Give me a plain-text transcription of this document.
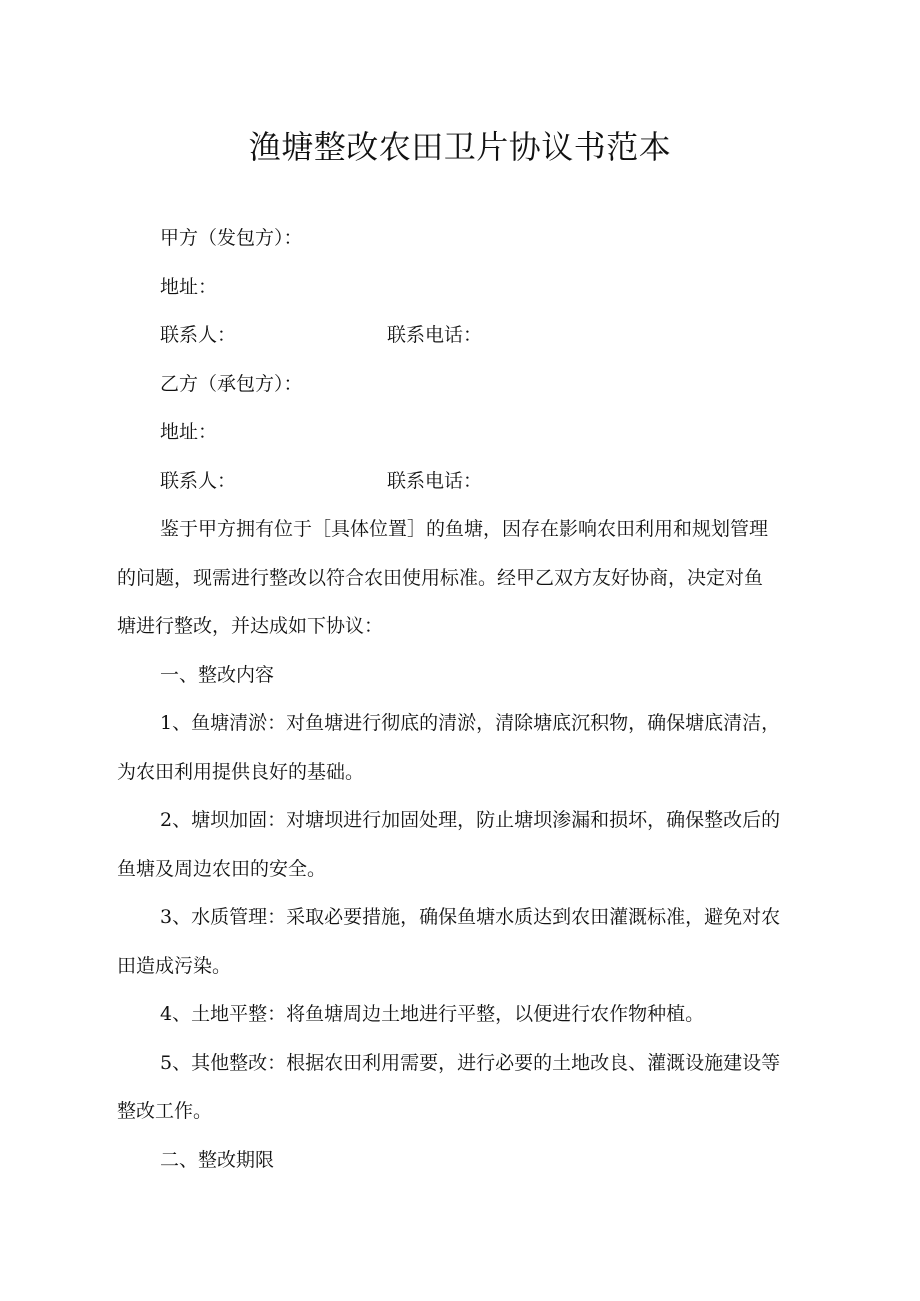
渔塘整改农田卫片协议书范本
甲方（发包方）：
地址：
联系人：	联系电话：
乙方（承包方）：
地址：
联系人：	联系电话：
鉴于甲方拥有位于［具体位置］的鱼塘，因存在影响农田利用和规划管理
的问题，现需进行整改以符合农田使用标准。经甲乙双方友好协商，决定对鱼
塘进行整改，并达成如下协议：
一、整改内容
1、鱼塘清淤：对鱼塘进行彻底的清淤，清除塘底沉积物，确保塘底清洁，
为农田利用提供良好的基础。
2、塘坝加固：对塘坝进行加固处理，防止塘坝渗漏和损坏，确保整改后的
鱼塘及周边农田的安全。
3、水质管理：采取必要措施，确保鱼塘水质达到农田灌溉标准，避免对农
田造成污染。
4、土地平整：将鱼塘周边土地进行平整，以便进行农作物种植。
5、其他整改：根据农田利用需要，进行必要的土地改良、灌溉设施建设等
整改工作。
二、整改期限
